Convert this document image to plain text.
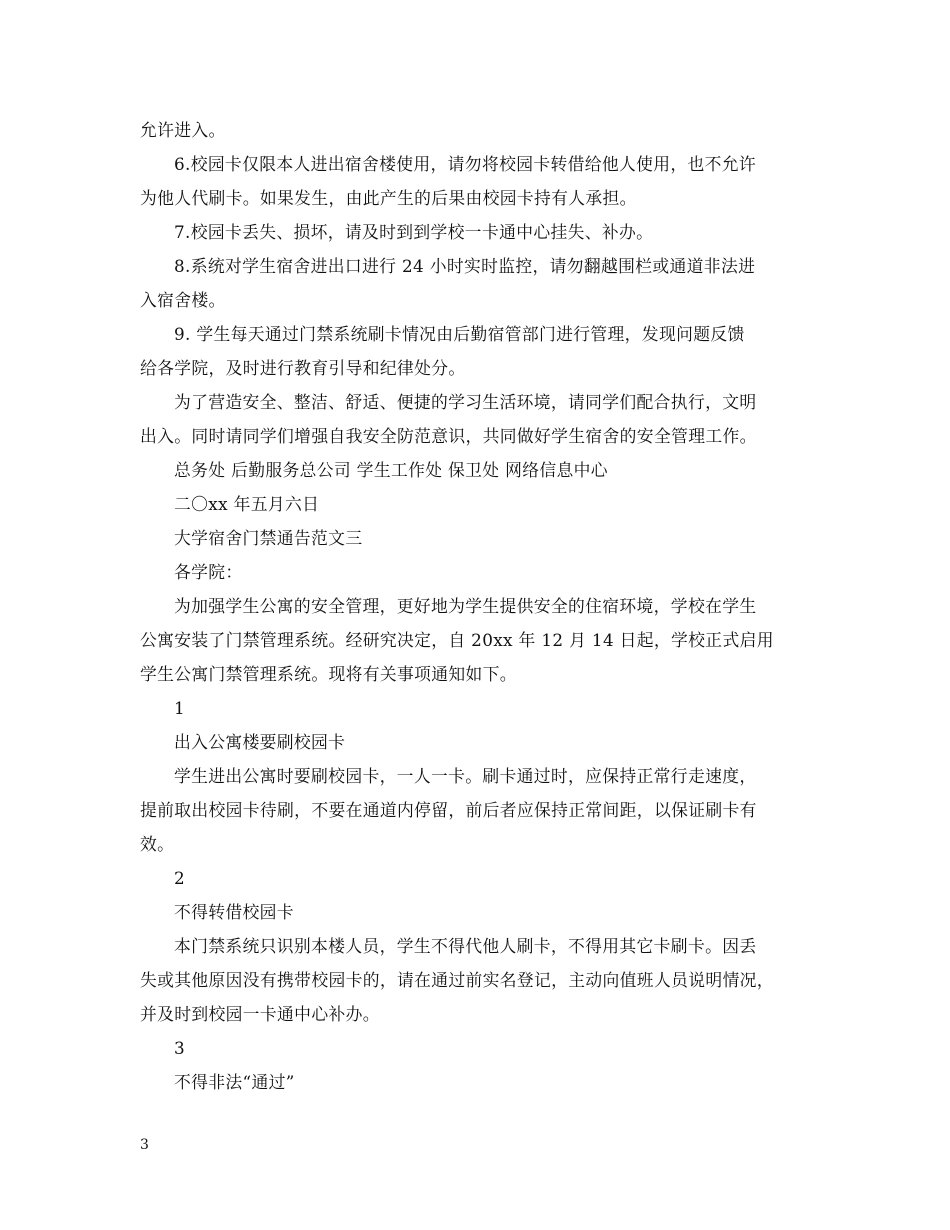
允许进入。
6.校园卡仅限本人进出宿舍楼使用，请勿将校园卡转借给他人使用，也不允许
为他人代刷卡。如果发生，由此产生的后果由校园卡持有人承担。
7.校园卡丢失、损坏，请及时到到学校一卡通中心挂失、补办。
8.系统对学生宿舍进出口进行 24 小时实时监控，请勿翻越围栏或通道非法进
入宿舍楼。
9. 学生每天通过门禁系统刷卡情况由后勤宿管部门进行管理，发现问题反馈
给各学院，及时进行教育引导和纪律处分。
为了营造安全、整洁、舒适、便捷的学习生活环境，请同学们配合执行，文明
出入。同时请同学们增强自我安全防范意识，共同做好学生宿舍的安全管理工作。
总务处 后勤服务总公司 学生工作处 保卫处 网络信息中心
二〇xx 年五月六日
大学宿舍门禁通告范文三
各学院：
为加强学生公寓的安全管理，更好地为学生提供安全的住宿环境，学校在学生
公寓安装了门禁管理系统。经研究决定，自 20xx 年 12 月 14 日起，学校正式启用
学生公寓门禁管理系统。现将有关事项通知如下。
1
出入公寓楼要刷校园卡
学生进出公寓时要刷校园卡，一人一卡。刷卡通过时，应保持正常行走速度，
提前取出校园卡待刷，不要在通道内停留，前后者应保持正常间距，以保证刷卡有
效。
2
不得转借校园卡
本门禁系统只识别本楼人员，学生不得代他人刷卡，不得用其它卡刷卡。因丢
失或其他原因没有携带校园卡的，请在通过前实名登记，主动向值班人员说明情况，
并及时到校园一卡通中心补办。
3
不得非法“通过”
3
